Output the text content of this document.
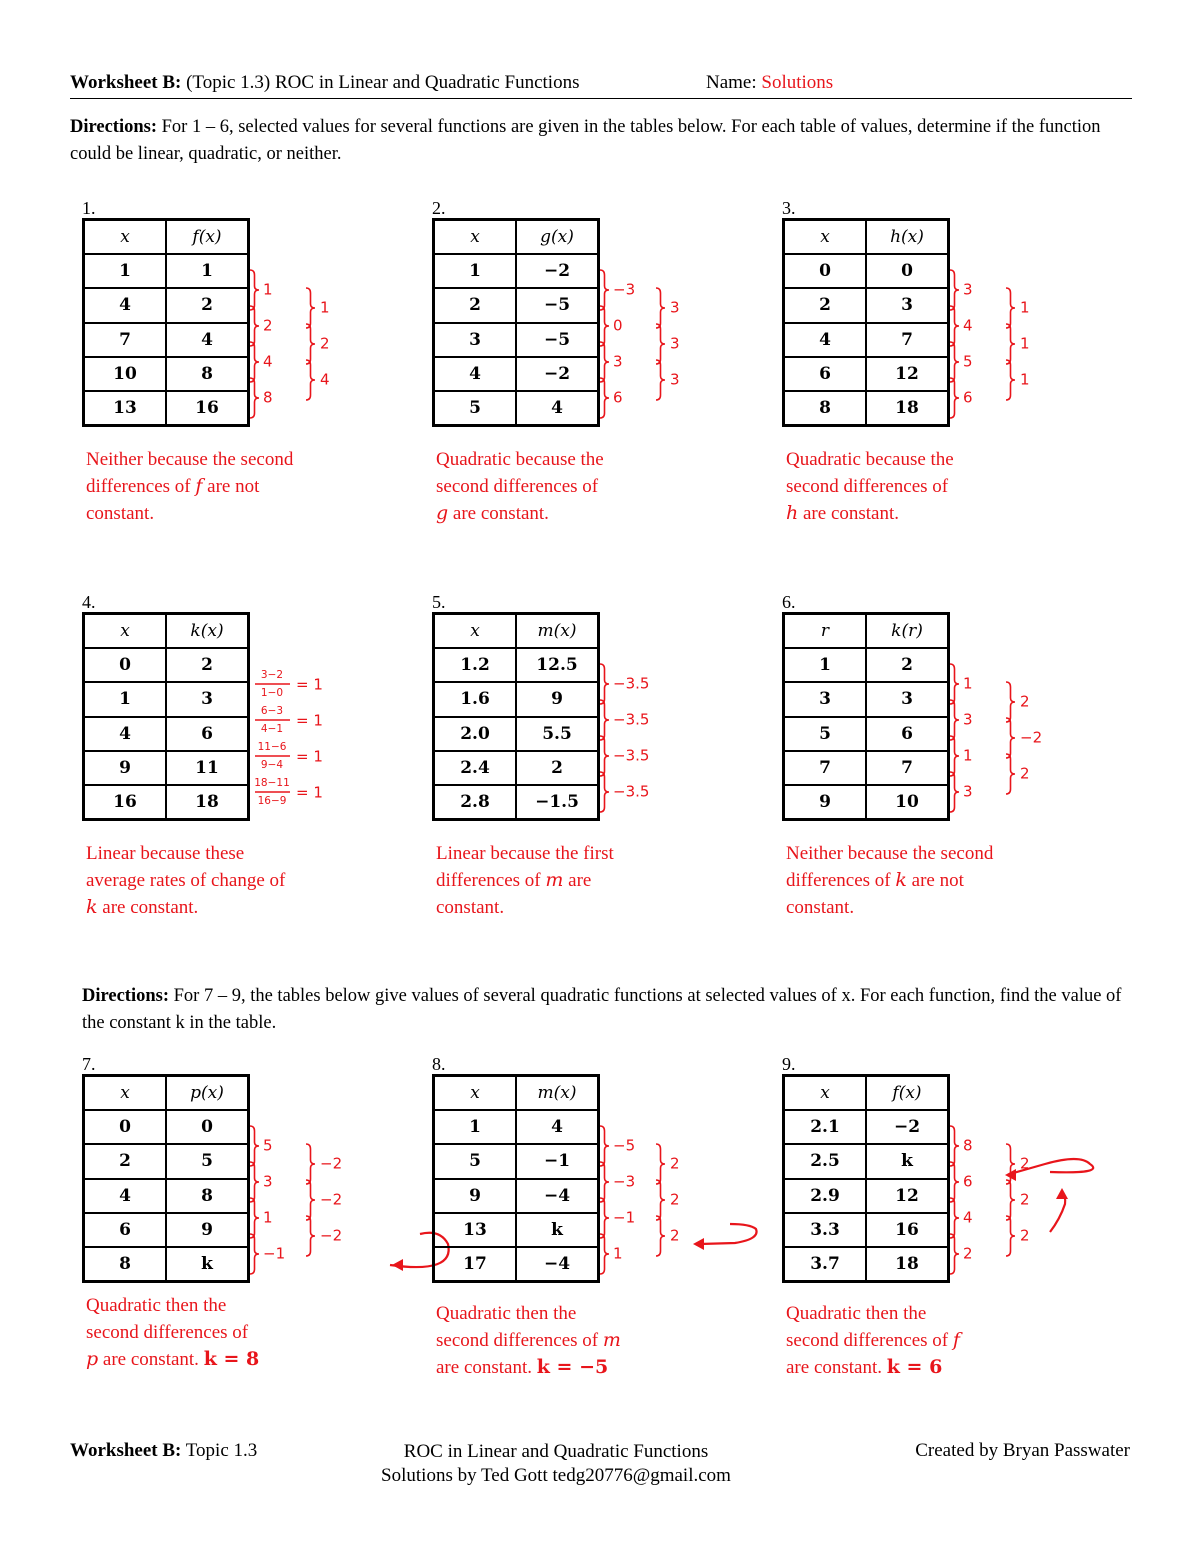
Worksheet B: (Topic 1.3) ROC in Linear and Quadratic Functions	Name: Solutions
Directions: For 1 – 6, selected values for several functions are given in the tables below. For each table of values, determine if the function could be linear, quadratic, or neither.
Directions: For 7 – 9, the tables below give values of several quadratic functions at selected values of x. For each function, find the value of the constant k in the table.
1.
x	f(x)
1	1
4	2
7	4
10	8
13	16
1
2
4
8
1
2
4
Neither because the second
differences of f are not
constant.
2.
x	g(x)
1	−2
2	−5
3	−5
4	−2
5	4
−3
0
3
6
3
3
3
Quadratic because the
second differences of
g are constant.
3.
x	h(x)
0	0
2	3
4	7
6	12
8	18
3
4
5
6
1
1
1
Quadratic because the
second differences of
h are constant.
4.
x	k(x)
0	2
1	3
4	6
9	11
16	18
3−2
1−0 = 1
6−3
4−1 = 1
11−6
9−4 = 1
18−11
16−9 = 1
Linear because these
average rates of change of
k are constant.
5.
x	m(x)
1.2	12.5
1.6	9
2.0	5.5
2.4	2
2.8	−1.5
−3.5
−3.5
−3.5
−3.5
Linear because the first
differences of m are
constant.
6.
r	k(r)
1	2
3	3
5	6
7	7
9	10
1
3
1
3
2
−2
2
Neither because the second
differences of k are not
constant.
7.
x	p(x)
0	0
2	5
4	8
6	9
8	k
5
3
1
−1
−2
−2
−2
Quadratic then the
second differences of
p are constant. k = 8
8.
x	m(x)
1	4
5	−1
9	−4
13	k
17	−4
−5
−3
−1
1
2
2
2
Quadratic then the
second differences of m
are constant. k = −5
9.
x	f(x)
2.1	−2
2.5	k
2.9	12
3.3	16
3.7	18
8
6
4
2
2
2
2
Quadratic then the
second differences of f
are constant. k = 6
Worksheet B: Topic 1.3	ROC in Linear and Quadratic Functions
Solutions by Ted Gott tedg20776@gmail.com
Created by Bryan Passwater
